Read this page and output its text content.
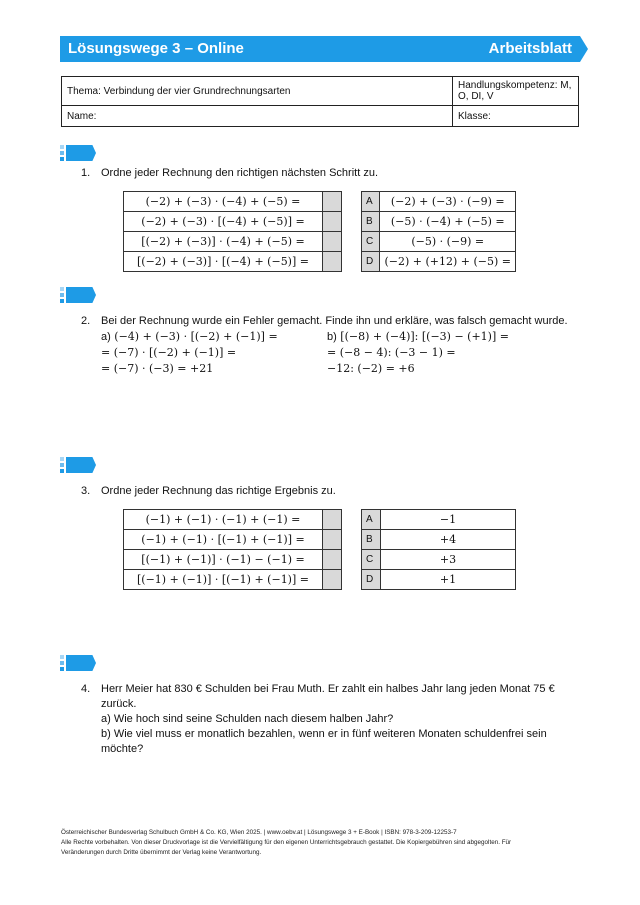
Lösungswege 3 – Online	Arbeitsblatt
Thema: Verbindung der vier Grundrechnungsarten	Handlungskompetenz: M, O, DI, V
Name:	Klasse:
1. Ordne jeder Rechnung den richtigen nächsten Schritt zu.
(−2) + (−3) · (−4) + (−5) =	
(−2) + (−3) · [(−4) + (−5)] =	
[(−2) + (−3)] · (−4) + (−5) =	
[(−2) + (−3)] · [(−4) + (−5)] =	
A	(−2) + (−3) · (−9) =
B	(−5) · (−4) + (−5) =
C	(−5) · (−9) =
D	(−2) + (+12) + (−5) =
2. Bei der Rechnung wurde ein Fehler gemacht. Finde ihn und erkläre, was falsch gemacht wurde.
a) (−4) + (−3) · [(−2) + (−1)] =
= (−7) · [(−2) + (−1)] =
= (−7) · (−3) = +21
b) [(−8) + (−4)]: [(−3) − (+1)] =
= (−8 − 4): (−3 − 1) =
−12: (−2) = +6
3. Ordne jeder Rechnung das richtige Ergebnis zu.
(−1) + (−1) · (−1) + (−1) =	
(−1) + (−1) · [(−1) + (−1)] =	
[(−1) + (−1)] · (−1) − (−1) =	
[(−1) + (−1)] · [(−1) + (−1)] =	
A	−1
B	+4
C	+3
D	+1
4. Herr Meier hat 830 € Schulden bei Frau Muth. Er zahlt ein halbes Jahr lang jeden Monat 75 €
zurück.
a) Wie hoch sind seine Schulden nach diesem halben Jahr?
b) Wie viel muss er monatlich bezahlen, wenn er in fünf weiteren Monaten schuldenfrei sein
möchte?
Österreichischer Bundesverlag Schulbuch GmbH & Co. KG, Wien 2025. | www.oebv.at | Lösungswege 3 + E-Book | ISBN: 978-3-209-12253-7
Alle Rechte vorbehalten. Von dieser Druckvorlage ist die Vervielfältigung für den eigenen Unterrichtsgebrauch gestattet. Die Kopiergebühren sind abgegolten. Für
Veränderungen durch Dritte übernimmt der Verlag keine Verantwortung.
